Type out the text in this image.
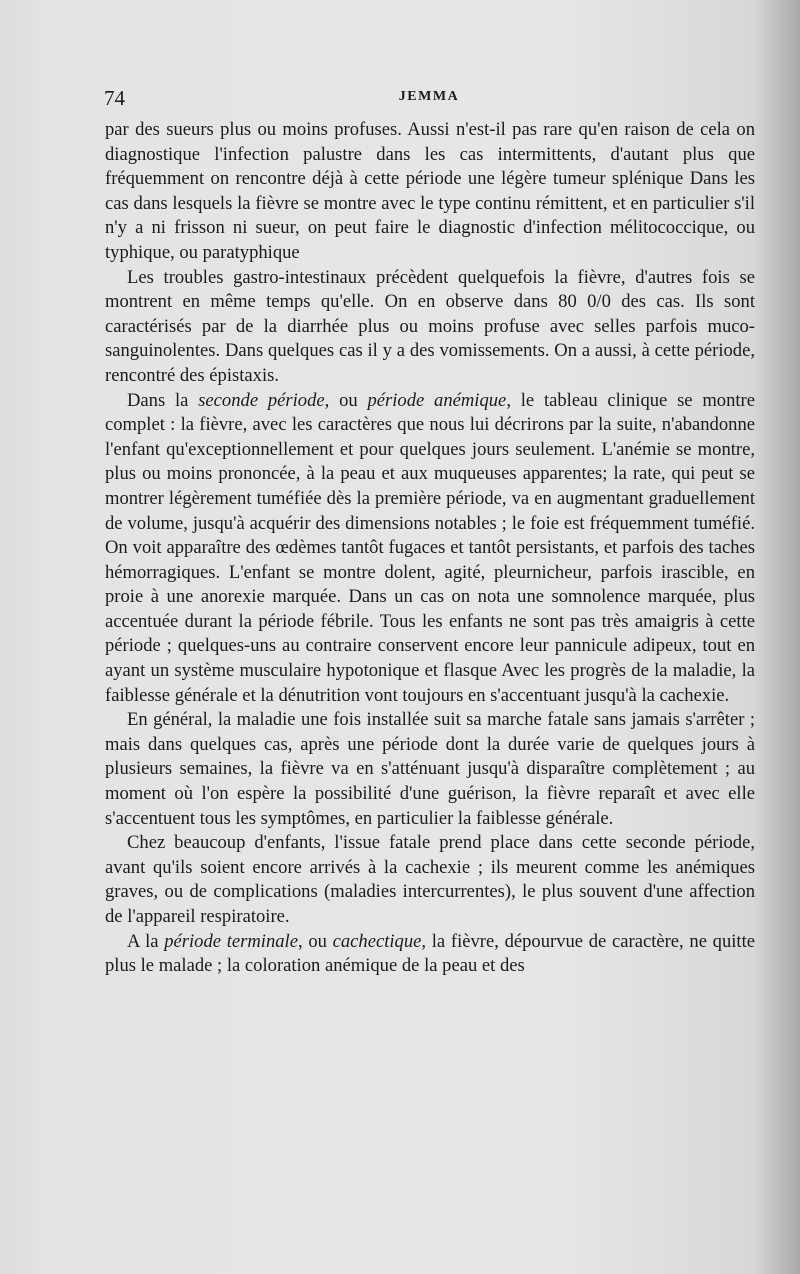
74	JEMMA

par des sueurs plus ou moins profuses. Aussi n'est-il pas rare qu'en raison de cela on diagnostique l'infection palustre dans les cas intermittents, d'autant plus que fréquemment on rencontre déjà à cette période une légère tumeur splénique Dans les cas dans lesquels la fièvre se montre avec le type continu rémittent, et en particulier s'il n'y a ni frisson ni sueur, on peut faire le diagnostic d'infection mélitococcique, ou typhique, ou paratyphique

Les troubles gastro-intestinaux précèdent quelquefois la fièvre, d'autres fois se montrent en même temps qu'elle. On en observe dans 80 0/0 des cas. Ils sont caractérisés par de la diarrhée plus ou moins profuse avec selles parfois muco-sanguinolentes. Dans quelques cas il y a des vomissements. On a aussi, à cette période, rencontré des épistaxis.

Dans la seconde période, ou période anémique, le tableau clinique se montre complet : la fièvre, avec les caractères que nous lui décrirons par la suite, n'abandonne l'enfant qu'exceptionnellement et pour quelques jours seulement. L'anémie se montre, plus ou moins prononcée, à la peau et aux muqueuses apparentes; la rate, qui peut se montrer légèrement tuméfiée dès la première période, va en augmentant graduellement de volume, jusqu'à acquérir des dimensions notables ; le foie est fréquemment tuméfié. On voit apparaître des œdèmes tantôt fugaces et tantôt persistants, et parfois des taches hémorragiques. L'enfant se montre dolent, agité, pleurnicheur, parfois irascible, en proie à une anorexie marquée. Dans un cas on nota une somnolence marquée, plus accentuée durant la période fébrile. Tous les enfants ne sont pas très amaigris à cette période ; quelques-uns au contraire conservent encore leur pannicule adipeux, tout en ayant un système musculaire hypotonique et flasque Avec les progrès de la maladie, la faiblesse générale et la dénutrition vont toujours en s'accentuant jusqu'à la cachexie.

En général, la maladie une fois installée suit sa marche fatale sans jamais s'arrêter ; mais dans quelques cas, après une période dont la durée varie de quelques jours à plusieurs semaines, la fièvre va en s'atténuant jusqu'à disparaître complètement ; au moment où l'on espère la possibilité d'une guérison, la fièvre reparaît et avec elle s'accentuent tous les symptômes, en particulier la faiblesse générale.

Chez beaucoup d'enfants, l'issue fatale prend place dans cette seconde période, avant qu'ils soient encore arrivés à la cachexie ; ils meurent comme les anémiques graves, ou de complications (maladies intercurrentes), le plus souvent d'une affection de l'appareil respiratoire.

A la période terminale, ou cachectique, la fièvre, dépourvue de caractère, ne quitte plus le malade ; la coloration anémique de la peau et des
